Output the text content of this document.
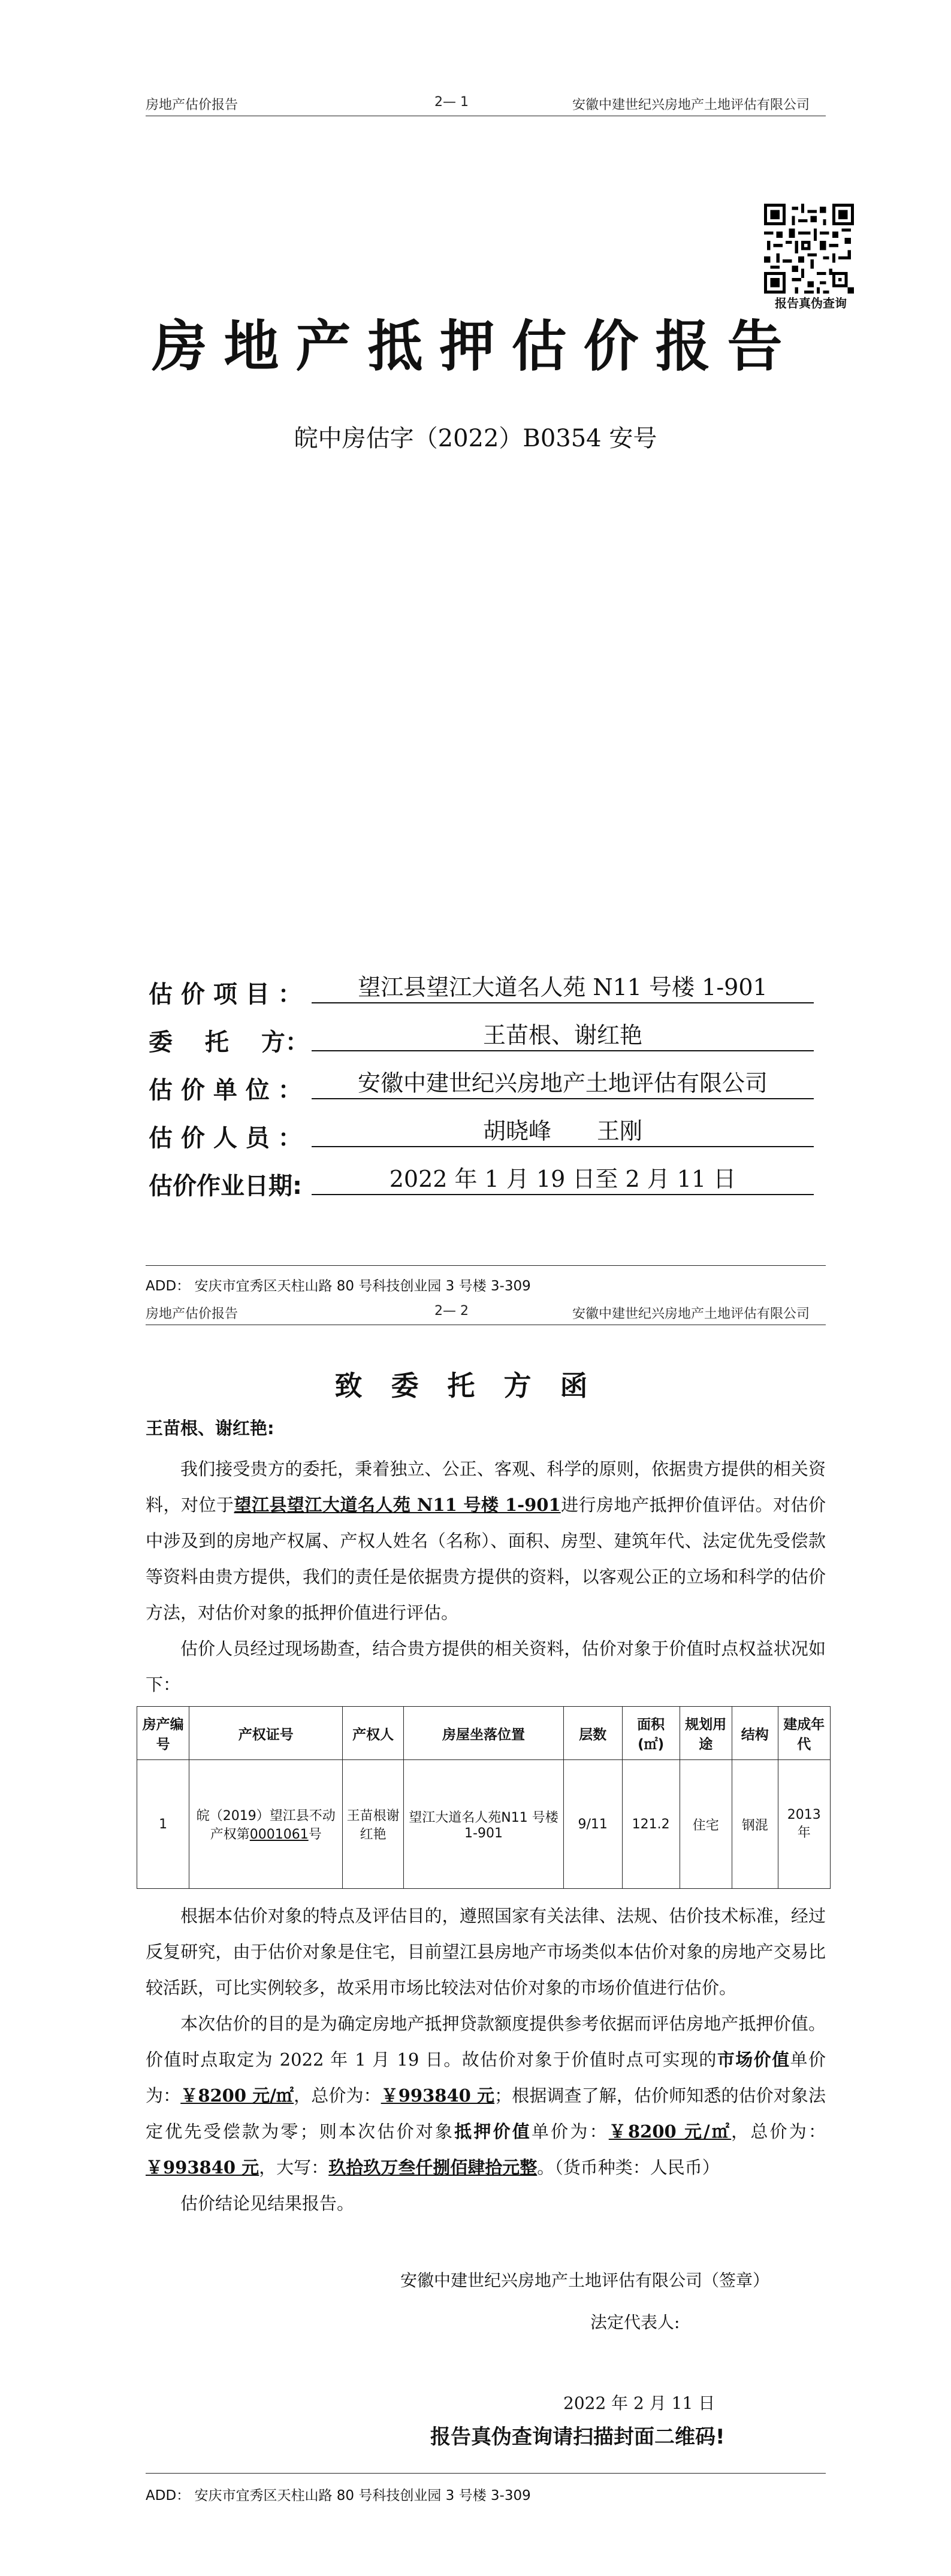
房地产估价报告	2— 1	安徽中建世纪兴房地产土地评估有限公司
报告真伪查询
房地产抵押估价报告
皖中房估字（2022）B0354 安号
估 价 项 目 ：	望江县望江大道名人苑 N11 号楼 1-901
委　 托　 方：	王苗根、谢红艳
估 价 单 位 ：	安徽中建世纪兴房地产土地评估有限公司
估 价 人 员 ：	胡晓峰　　王刚
估价作业日期:	2022 年 1 月 19 日至 2 月 11 日
ADD： 安庆市宜秀区天柱山路 80 号科技创业园 3 号楼 3-309
房地产估价报告	2— 2	安徽中建世纪兴房地产土地评估有限公司
致委托方函
王苗根、谢红艳:
我们接受贵方的委托，秉着独立、公正、客观、科学的原则，依据贵方提供的相关资料，对位于望江县望江大道名人苑 N11 号楼 1-901进行房地产抵押价值评估。对估价中涉及到的房地产权属、产权人姓名（名称）、面积、房型、建筑年代、法定优先受偿款等资料由贵方提供，我们的责任是依据贵方提供的资料，以客观公正的立场和科学的估价方法，对估价对象的抵押价值进行评估。
估价人员经过现场勘查，结合贵方提供的相关资料，估价对象于价值时点权益状况如下：
房产编号	产权证号	产权人	房屋坐落位置	层数	面积(㎡)	规划用途	结构	建成年代
1	皖（2019）望江县不动产权第0001061号	王苗根谢红艳	望江大道名人苑N11 号楼 1-901	9/11	121.2	住宅	钢混	2013 年
根据本估价对象的特点及评估目的，遵照国家有关法律、法规、估价技术标准，经过反复研究，由于估价对象是住宅，目前望江县房地产市场类似本估价对象的房地产交易比较活跃，可比实例较多，故采用市场比较法对估价对象的市场价值进行估价。
本次估价的目的是为确定房地产抵押贷款额度提供参考依据而评估房地产抵押价值。价值时点取定为 2022 年 1 月 19 日。故估价对象于价值时点可实现的市场价值单价为：￥8200 元/㎡，总价为：￥993840 元；根据调查了解，估价师知悉的估价对象法定优先受偿款为零；则本次估价对象抵押价值单价为：￥8200 元/㎡，总价为：￥993840 元，大写：玖拾玖万叁仟捌佰肆拾元整。（货币种类：人民币）
估价结论见结果报告。
安徽中建世纪兴房地产土地评估有限公司（签章）
法定代表人:
2022 年 2 月 11 日
报告真伪查询请扫描封面二维码!
ADD： 安庆市宜秀区天柱山路 80 号科技创业园 3 号楼 3-309
